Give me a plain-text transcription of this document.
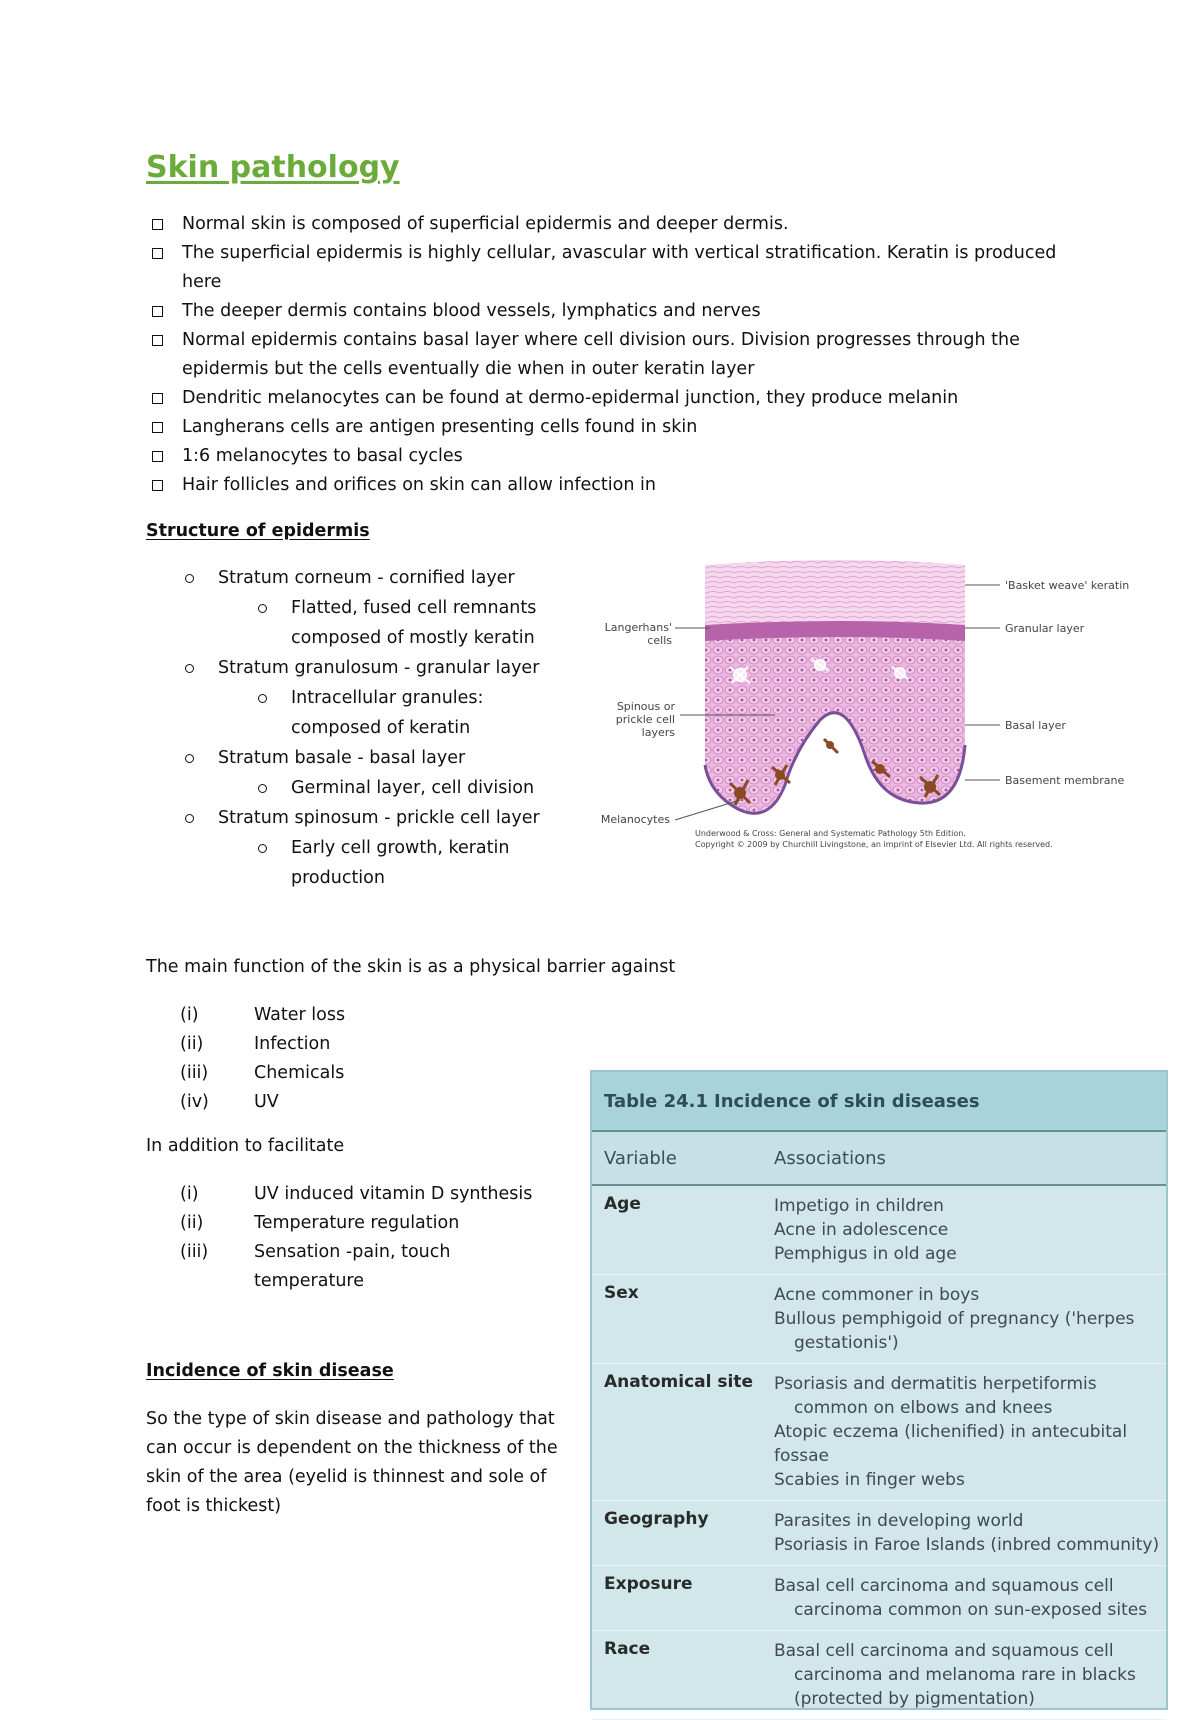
Skin pathology
Normal skin is composed of superficial epidermis and deeper dermis.
The superficial epidermis is highly cellular, avascular with vertical stratification. Keratin is produced here
The deeper dermis contains blood vessels, lymphatics and nerves
Normal epidermis contains basal layer where cell division ours. Division progresses through the epidermis but the cells eventually die when in outer keratin layer
Dendritic melanocytes can be found at dermo-epidermal junction, they produce melanin
Langherans cells are antigen presenting cells found in skin
1:6 melanocytes to basal cycles
Hair follicles and orifices on skin can allow infection in
Structure of epidermis
Stratum corneum - cornified layer
Flatted, fused cell remnants composed of mostly keratin
Stratum granulosum - granular layer
Intracellular granules: composed of keratin
Stratum basale - basal layer
Germinal layer, cell division
Stratum spinosum - prickle cell layer
Early cell growth, keratin production
'Basket weave' keratin
Granular layer
Basal layer
Basement membrane
Langerhans' cells
Spinous or prickle cell layers
Melanocytes
Underwood & Cross: General and Systematic Pathology 5th Edition.
Copyright © 2009 by Churchill Livingstone, an imprint of Elsevier Ltd. All rights reserved.
The main function of the skin is as a physical barrier against
(i)	Water loss
(ii)	Infection
(iii)	Chemicals
(iv)	UV
In addition to facilitate
(i)	UV induced vitamin D synthesis
(ii)	Temperature regulation
(iii)	Sensation -pain, touch temperature
Incidence of skin disease
So the type of skin disease and pathology that can occur is dependent on the thickness of the skin of the area (eyelid is thinnest and sole of foot is thickest)
Table 24.1 Incidence of skin diseases
Variable	Associations
Age	Impetigo in children
Acne in adolescence
Pemphigus in old age
Sex	Acne commoner in boys
Bullous pemphigoid of pregnancy ('herpes
gestationis')
Anatomical site	Psoriasis and dermatitis herpetiformis
common on elbows and knees
Atopic eczema (lichenified) in antecubital fossae
Scabies in finger webs
Geography	Parasites in developing world
Psoriasis in Faroe Islands (inbred community)
Exposure	Basal cell carcinoma and squamous cell
carcinoma common on sun-exposed sites
Race	Basal cell carcinoma and squamous cell
carcinoma and melanoma rare in blacks
(protected by pigmentation)
